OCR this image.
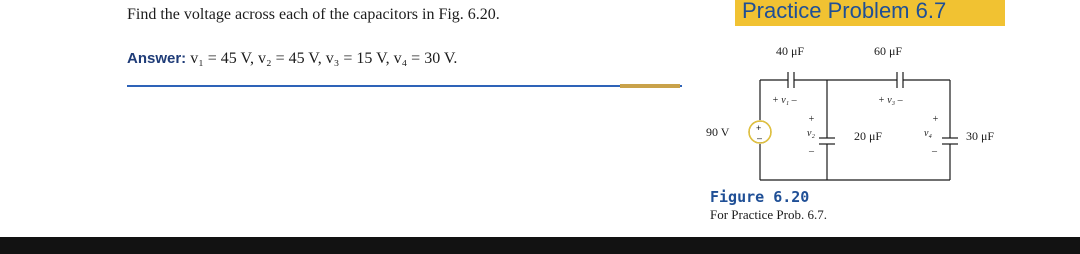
Find the voltage across each of the capacitors in Fig. 6.20.
Answer: v₁ = 45 V, v₂ = 45 V, v₃ = 15 V, v₄ = 30 V.
Practice Problem 6.7
+
–
40 μF	60 μF
+ v₁ –	+ v₃ –
90 V
+
v₂
–
20 μF
+
v₄
–
30 μF
Figure 6.20
For Practice Prob. 6.7.
